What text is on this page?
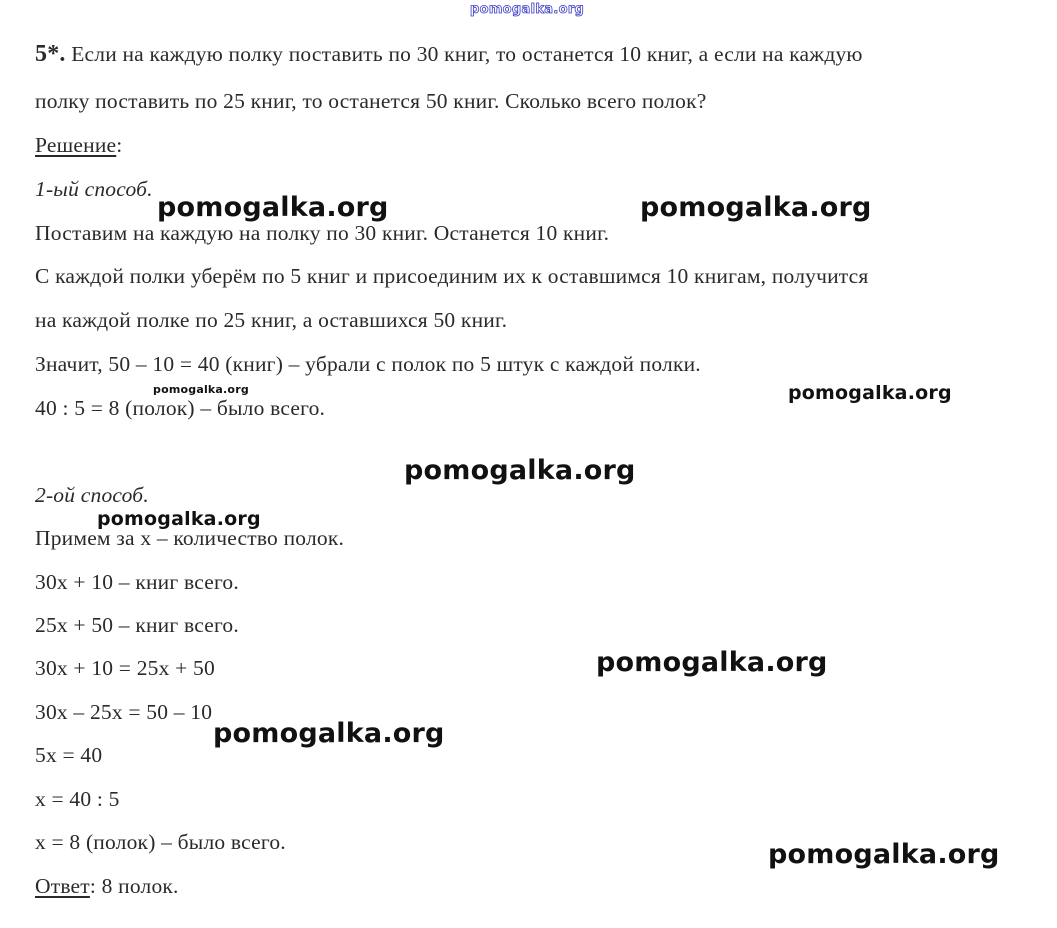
pomogalka.org

5*. Если на каждую полку поставить по 30 книг, то останется 10 книг, а если на каждую

полку поставить по 25 книг, то останется 50 книг. Сколько всего полок?

Решение:

1-ый способ.

Поставим на каждую на полку по 30 книг. Останется 10 книг.

С каждой полки уберём по 5 книг и присоединим их к оставшимся 10 книгам, получится

на каждой полке по 25 книг, а оставшихся 50 книг.

Значит, 50 – 10 = 40 (книг) – убрали с полок по 5 штук с каждой полки.

40 : 5 = 8 (полок) – было всего.

2-ой способ.

Примем за х – количество полок.

30х + 10 – книг всего.

25х + 50 – книг всего.

30х + 10 = 25х + 50

30х – 25х = 50 – 10

5х = 40

х = 40 : 5

х = 8 (полок) – было всего.

Ответ: 8 полок.

pomogalka.org	pomogalka.org
pomogalka.org	pomogalka.org
pomogalka.org
pomogalka.org
pomogalka.org
pomogalka.org
pomogalka.org
